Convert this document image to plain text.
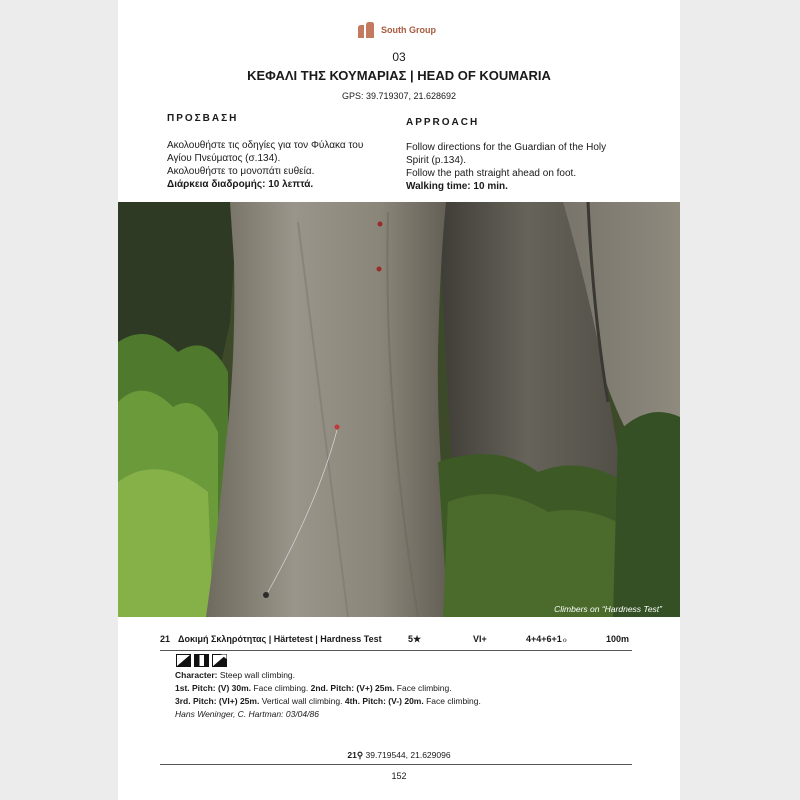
South Group
03
ΚΕΦΑΛΙ ΤΗΣ ΚΟΥΜΑΡΙΑΣ | HEAD OF KOUMARIA
GPS: 39.719307, 21.628692
ΠΡΟΣΒΑΣΗ	APPROACH
Ακολουθήστε τις οδηγίες για τον Φύλακα του
Αγίου Πνεύματος (σ.134).
Ακολουθήστε το μονοπάτι ευθεία.
Διάρκεια διαδρομής: 10 λεπτά.
Follow directions for the Guardian of the Holy
Spirit (p.134).
Follow the path straight ahead on foot.
Walking time: 10 min.
Climbers on “Hardness Test”
21 Δοκιμή Σκληρότητας | Härtetest | Hardness Test	5★	VI+	4+4+6+1ℴ	100m
Character: Steep wall climbing.
1st. Pitch: (V) 30m. Face climbing. 2nd. Pitch: (V+) 25m. Face climbing.
3rd. Pitch: (VI+) 25m. Vertical wall climbing. 4th. Pitch: (V-) 20m. Face climbing.
Hans Weninger, C. Hartman: 03/04/86
21⚲ 39.719544, 21.629096
152
